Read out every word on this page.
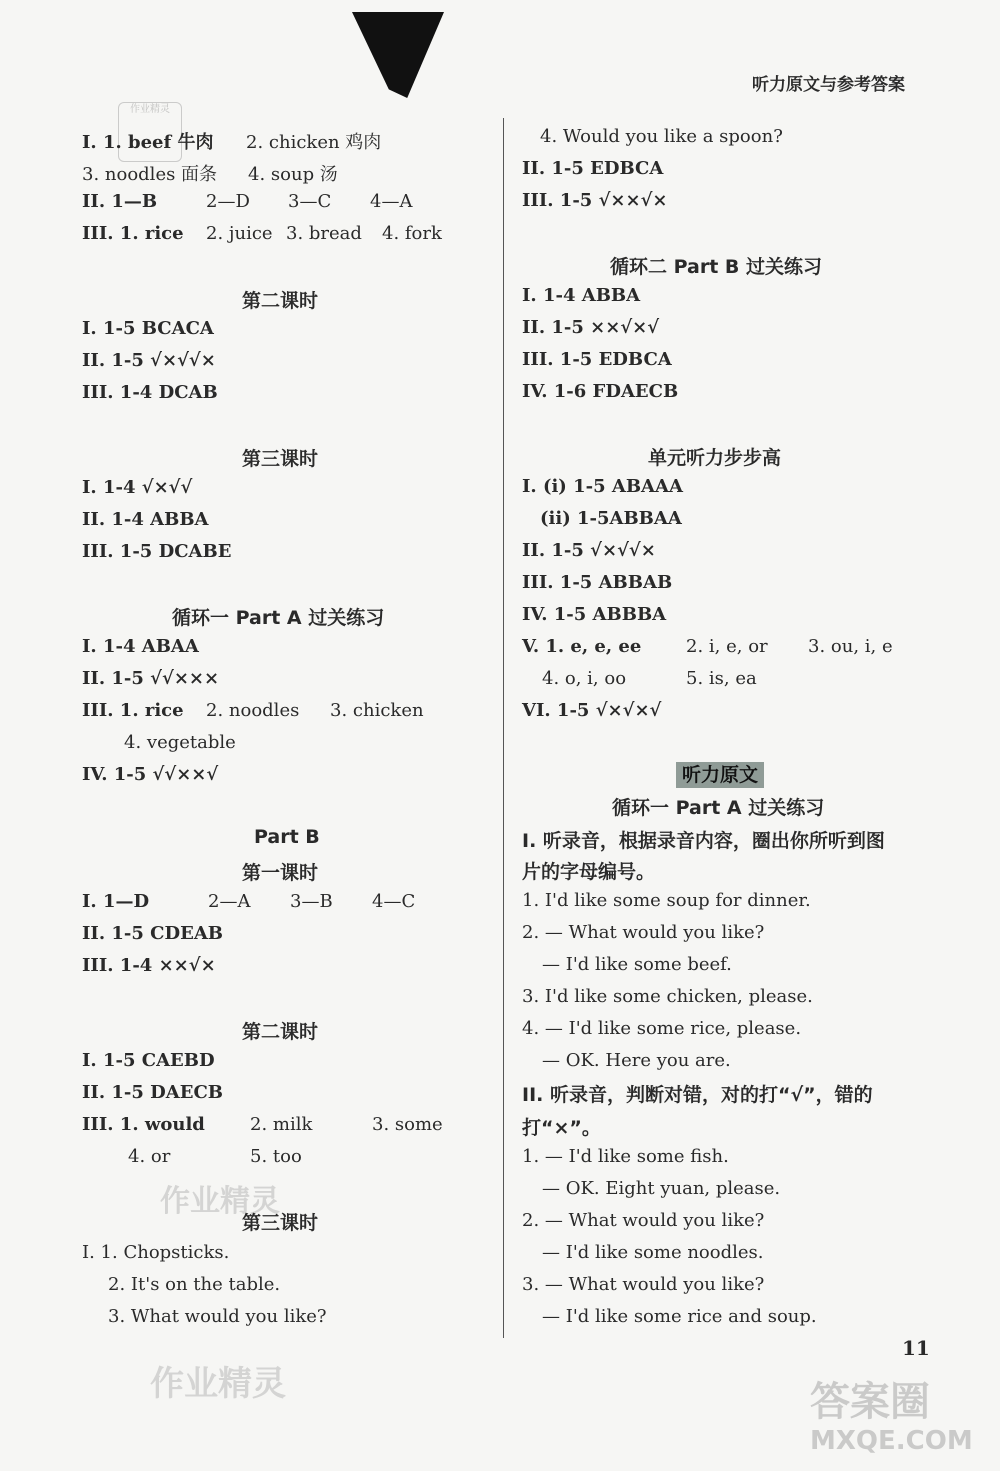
作业精灵
听力原文与参考答案
I. 1. beef 牛肉 2. chicken 鸡肉
3. noodles 面条 4. soup 汤
II. 1—B	2—D 3—C 4—A
III. 1. rice 2. juice 3. bread 4. fork
第二课时
I. 1-5 BCACA
II. 1-5 √×√√×
III. 1-4 DCAB
第三课时
I. 1-4 √×√√
II. 1-4 ABBA
III. 1-5 DCABE
循环一 Part A 过关练习
I. 1-4 ABAA
II. 1-5 √√×××
III. 1. rice 2. noodles 3. chicken
4. vegetable
IV. 1-5 √√××√
Part B
第一课时
I. 1—D	2—A 3—B 4—C
II. 1-5 CDEAB
III. 1-4 ××√×
第二课时
I. 1-5 CAEBD
II. 1-5 DAECB
III. 1. would	2. milk	3. some
4. or	5. too
作业精灵
第三课时
I. 1. Chopsticks.
2. It's on the table.
3. What would you like?
作业精灵
4. Would you like a spoon?
II. 1-5 EDBCA
III. 1-5 √××√×
循环二 Part B 过关练习
I. 1-4 ABBA
II. 1-5 ××√×√
III. 1-5 EDBCA
IV. 1-6 FDAECB
单元听力步步高
I. (i) 1-5 ABAAA
(ii) 1-5ABBAA
II. 1-5 √×√√×
III. 1-5 ABBAB
IV. 1-5 ABBBA
V. 1. e, e, ee 2. i, e, or 3. ou, i, e
4. o, i, oo	5. is, ea
VI. 1-5 √×√×√
听力原文
循环一 Part A 过关练习
I. 听录音，根据录音内容，圈出你所听到图
片的字母编号。
1. I'd like some soup for dinner.
2. — What would you like?
— I'd like some beef.
3. I'd like some chicken, please.
4. — I'd like some rice, please.
— OK. Here you are.
II. 听录音，判断对错，对的打“√”，错的
打“×”。
1. — I'd like some fish.
— OK. Eight yuan, please.
2. — What would you like?
— I'd like some noodles.
3. — What would you like?
— I'd like some rice and soup.
11
答案圈
MXQE.COM
